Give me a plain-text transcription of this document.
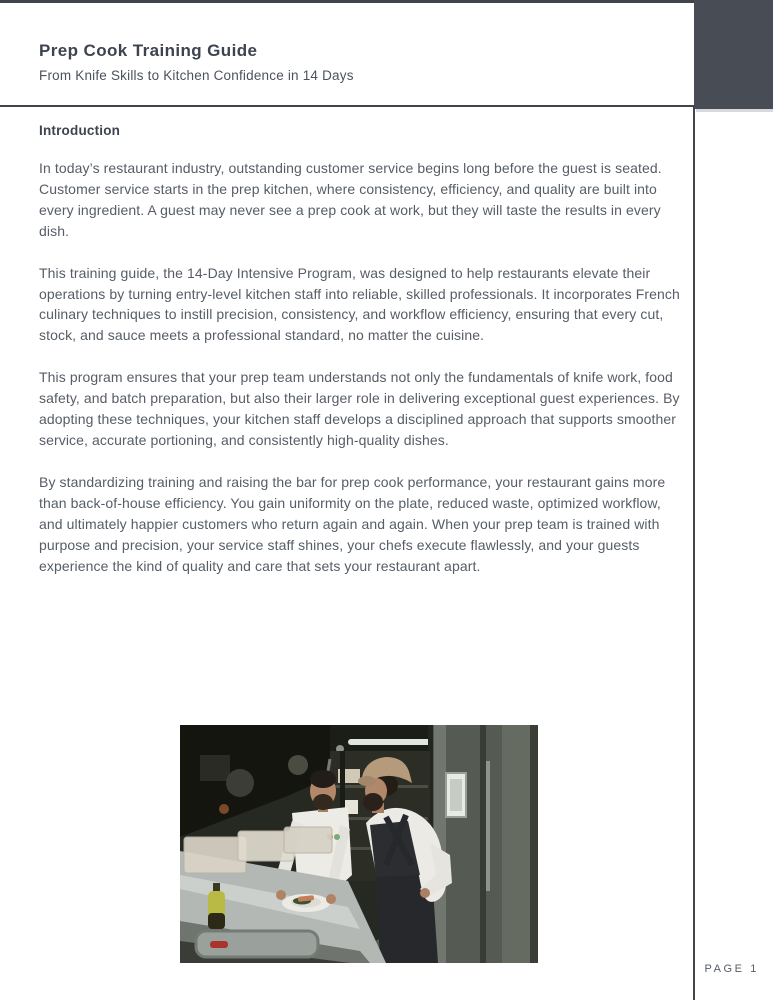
Prep Cook Training Guide
From Knife Skills to Kitchen Confidence in 14 Days
Introduction

In today’s restaurant industry, outstanding customer service begins long before the guest is seated. Customer service starts in the prep kitchen, where consistency, efficiency, and quality are built into every ingredient. A guest may never see a prep cook at work, but they will taste the results in every dish.

This training guide, the 14-Day Intensive Program, was designed to help restaurants elevate their operations by turning entry-level kitchen staff into reliable, skilled professionals. It incorporates French culinary techniques to instill precision, consistency, and workflow efficiency, ensuring that every cut, stock, and sauce meets a professional standard, no matter the cuisine.

This program ensures that your prep team understands not only the fundamentals of knife work, food safety, and batch preparation, but also their larger role in delivering exceptional guest experiences. By adopting these techniques, your kitchen staff develops a disciplined approach that supports smoother service, accurate portioning, and consistently high-quality dishes.

By standardizing training and raising the bar for prep cook performance, your restaurant gains more than back-of-house efficiency. You gain uniformity on the plate, reduced waste, optimized workflow, and ultimately happier customers who return again and again. When your prep team is trained with purpose and precision, your service staff shines, your chefs execute flawlessly, and your guests experience the kind of quality and care that sets your restaurant apart.

PAGE 1
